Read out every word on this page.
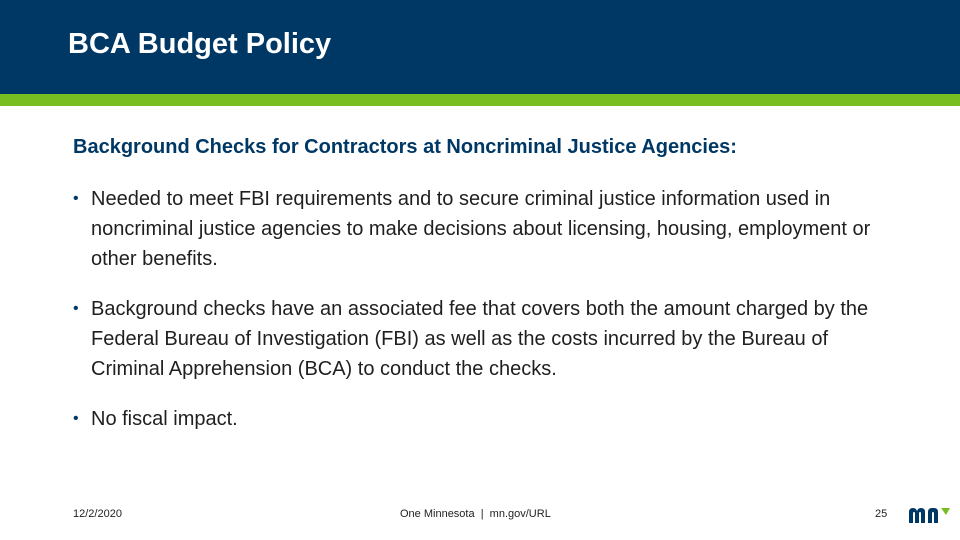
BCA Budget Policy
Background Checks for Contractors at Noncriminal Justice Agencies:
• Needed to meet FBI requirements and to secure criminal justice information used in noncriminal justice agencies to make decisions about licensing, housing, employment or other benefits.
• Background checks have an associated fee that covers both the amount charged by the Federal Bureau of Investigation (FBI) as well as the costs incurred by the Bureau of Criminal Apprehension (BCA) to conduct the checks.
• No fiscal impact.
12/2/2020	One Minnesota  |  mn.gov/URL	25
